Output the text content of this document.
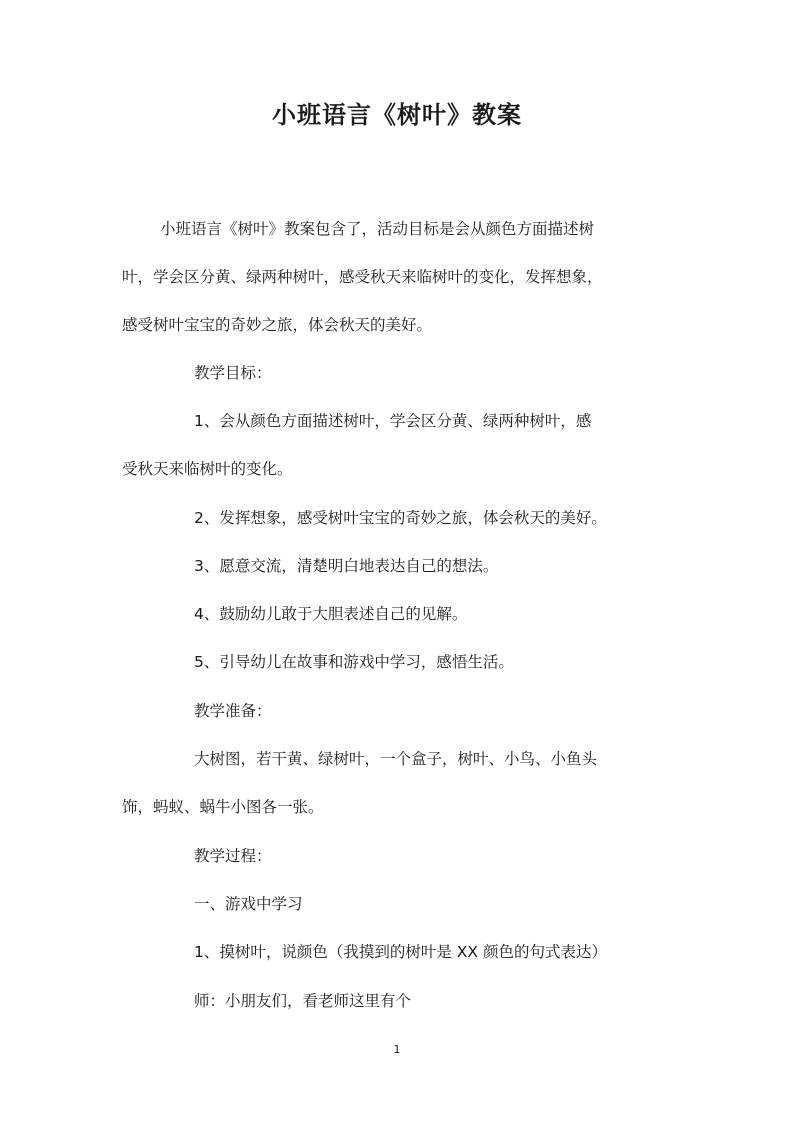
小班语言《树叶》教案
小班语言《树叶》教案包含了，活动目标是会从颜色方面描述树
叶，学会区分黄、绿两种树叶，感受秋天来临树叶的变化，发挥想象，
感受树叶宝宝的奇妙之旅，体会秋天的美好。
教学目标：
1、会从颜色方面描述树叶，学会区分黄、绿两种树叶，感
受秋天来临树叶的变化。
2、发挥想象，感受树叶宝宝的奇妙之旅，体会秋天的美好。
3、愿意交流，清楚明白地表达自己的想法。
4、鼓励幼儿敢于大胆表述自己的见解。
5、引导幼儿在故事和游戏中学习，感悟生活。
教学准备：
大树图，若干黄、绿树叶，一个盒子，树叶、小鸟、小鱼头
饰，蚂蚁、蜗牛小图各一张。
教学过程：
一、游戏中学习
1、摸树叶，说颜色（我摸到的树叶是 XX 颜色的句式表达）
师：小朋友们，看老师这里有个
1
